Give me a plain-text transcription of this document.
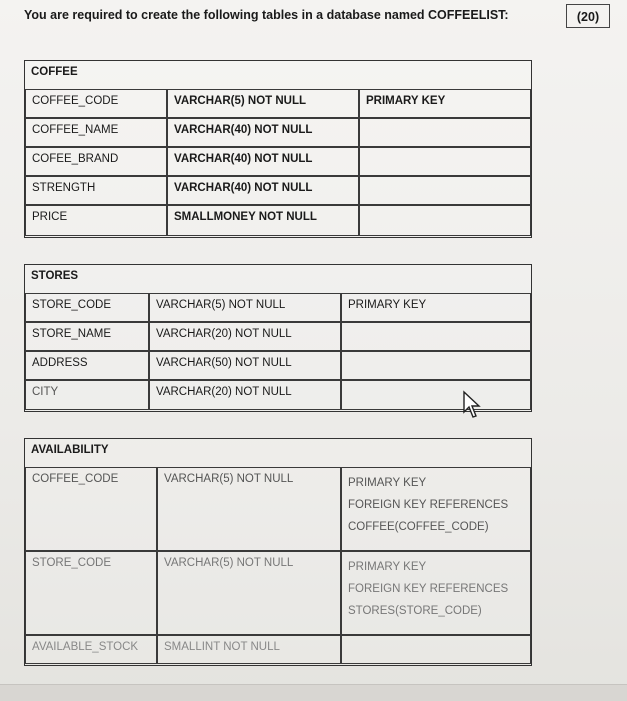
You are required to create the following tables in a database named COFFEELIST:	(20)
COFFEE
COFFEE_CODE	VARCHAR(5) NOT NULL	PRIMARY KEY
COFFEE_NAME	VARCHAR(40) NOT NULL
COFEE_BRAND	VARCHAR(40) NOT NULL
STRENGTH	VARCHAR(40) NOT NULL
PRICE	SMALLMONEY NOT NULL
STORES
STORE_CODE	VARCHAR(5) NOT NULL	PRIMARY KEY
STORE_NAME	VARCHAR(20) NOT NULL
ADDRESS	VARCHAR(50) NOT NULL
CITY	VARCHAR(20) NOT NULL
AVAILABILITY
COFFEE_CODE	VARCHAR(5) NOT NULL	PRIMARY KEY
FOREIGN KEY REFERENCES
COFFEE(COFFEE_CODE)
STORE_CODE	VARCHAR(5) NOT NULL	PRIMARY KEY
FOREIGN KEY REFERENCES
STORES(STORE_CODE)
AVAILABLE_STOCK	SMALLINT NOT NULL
